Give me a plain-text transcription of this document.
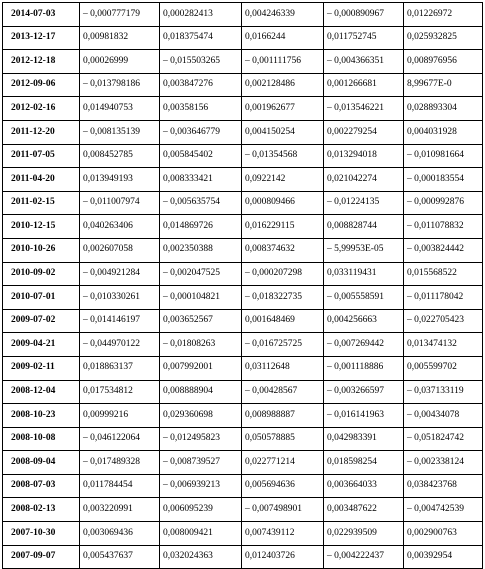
2014-07-03	– 0,000777179	0,000282413	0,004246339	– 0,000890967	0,01226972
2013-12-17	0,00981832	0,018375474	0,0166244	0,011752745	0,025932825
2012-12-18	0,00026999	– 0,015503265	– 0,001111756	– 0,004366351	0,008976956
2012-09-06	– 0,013798186	0,003847276	0,002128486	0,001266681	8,99677E-0
2012-02-16	0,014940753	0,00358156	0,001962677	– 0,013546221	0,028893304
2011-12-20	– 0,008135139	– 0,003646779	0,004150254	0,002279254	0,004031928
2011-07-05	0,008452785	0,005845402	– 0,01354568	0,013294018	– 0,010981664
2011-04-20	0,013949193	0,008333421	0,0922142	0,021042274	– 0,000183554
2011-02-15	– 0,011007974	– 0,005635754	0,000809466	– 0,01224135	– 0,000992876
2010-12-15	0,040263406	0,014869726	0,016229115	0,008828744	– 0,011078832
2010-10-26	0,002607058	0,002350388	0,008374632	– 5,99953E-05	– 0,003824442
2010-09-02	– 0,004921284	– 0,002047525	– 0,000207298	0,033119431	0,015568522
2010-07-01	– 0,010330261	– 0,000104821	– 0,018322735	– 0,005558591	– 0,011178042
2009-07-02	– 0,014146197	0,003652567	0,001648469	0,004256663	– 0,022705423
2009-04-21	– 0,044970122	– 0,01808263	– 0,016725725	– 0,007269442	0,013474132
2009-02-11	0,018863137	0,007992001	0,03112648	– 0,001118886	0,005599702
2008-12-04	0,017534812	0,008888904	– 0,00428567	– 0,003266597	– 0,037133119
2008-10-23	0,00999216	0,029360698	0,008988887	– 0,016141963	– 0,00434078
2008-10-08	– 0,046122064	– 0,012495823	0,050578885	0,042983391	– 0,051824742
2008-09-04	– 0,017489328	– 0,008739527	0,022771214	0,018598254	– 0,002338124
2008-07-03	0,011784454	– 0,006939213	0,005694636	0,003664033	0,038423768
2008-02-13	0,003220991	0,006095239	– 0,007498901	0,003487622	– 0,004742539
2007-10-30	0,003069436	0,008009421	0,007439112	0,022939509	0,002900763
2007-09-07	0,005437637	0,032024363	0,012403726	– 0,004222437	0,00392954
